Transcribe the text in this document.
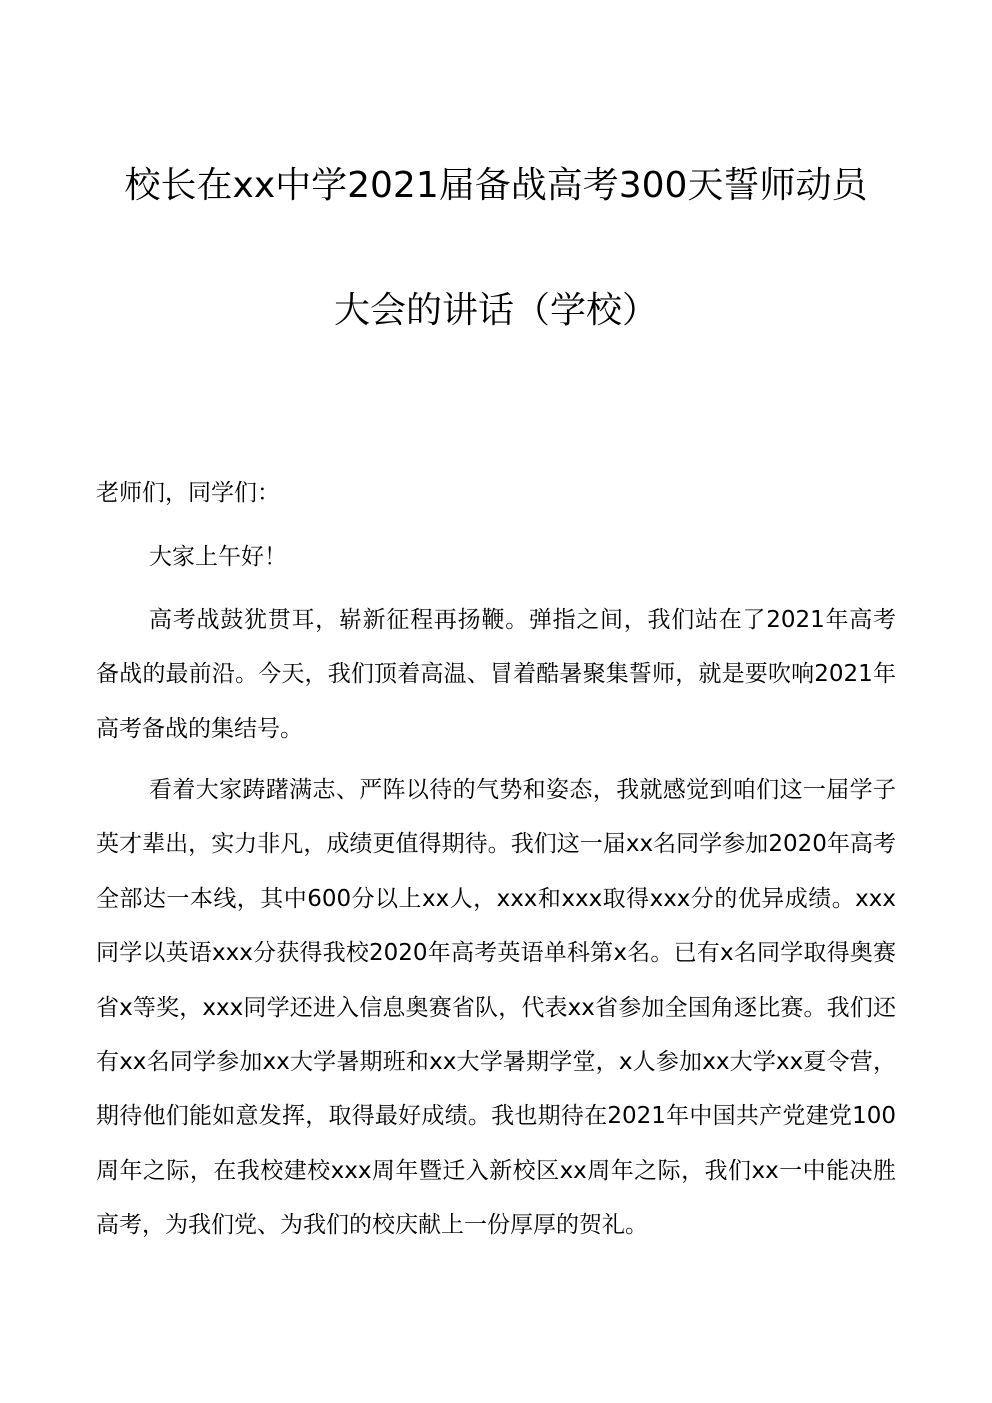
校长在xx中学2021届备战高考300天誓师动员
大会的讲话（学校）
老师们，同学们：
大家上午好！
高考战鼓犹贯耳，崭新征程再扬鞭。弹指之间，我们站在了2021年高考备战的最前沿。今天，我们顶着高温、冒着酷暑聚集誓师，就是要吹响2021年高考备战的集结号。
看着大家踌躇满志、严阵以待的气势和姿态，我就感觉到咱们这一届学子英才辈出，实力非凡，成绩更值得期待。我们这一届xx名同学参加2020年高考全部达一本线，其中600分以上xx人，xxx和xxx取得xxx分的优异成绩。xxx同学以英语xxx分获得我校2020年高考英语单科第x名。已有x名同学取得奥赛省x等奖，xxx同学还进入信息奥赛省队，代表xx省参加全国角逐比赛。我们还有xx名同学参加xx大学暑期班和xx大学暑期学堂，x人参加xx大学xx夏令营，期待他们能如意发挥，取得最好成绩。我也期待在2021年中国共产党建党100周年之际，在我校建校xxx周年暨迁入新校区xx周年之际，我们xx一中能决胜高考，为我们党、为我们的校庆献上一份厚厚的贺礼。
